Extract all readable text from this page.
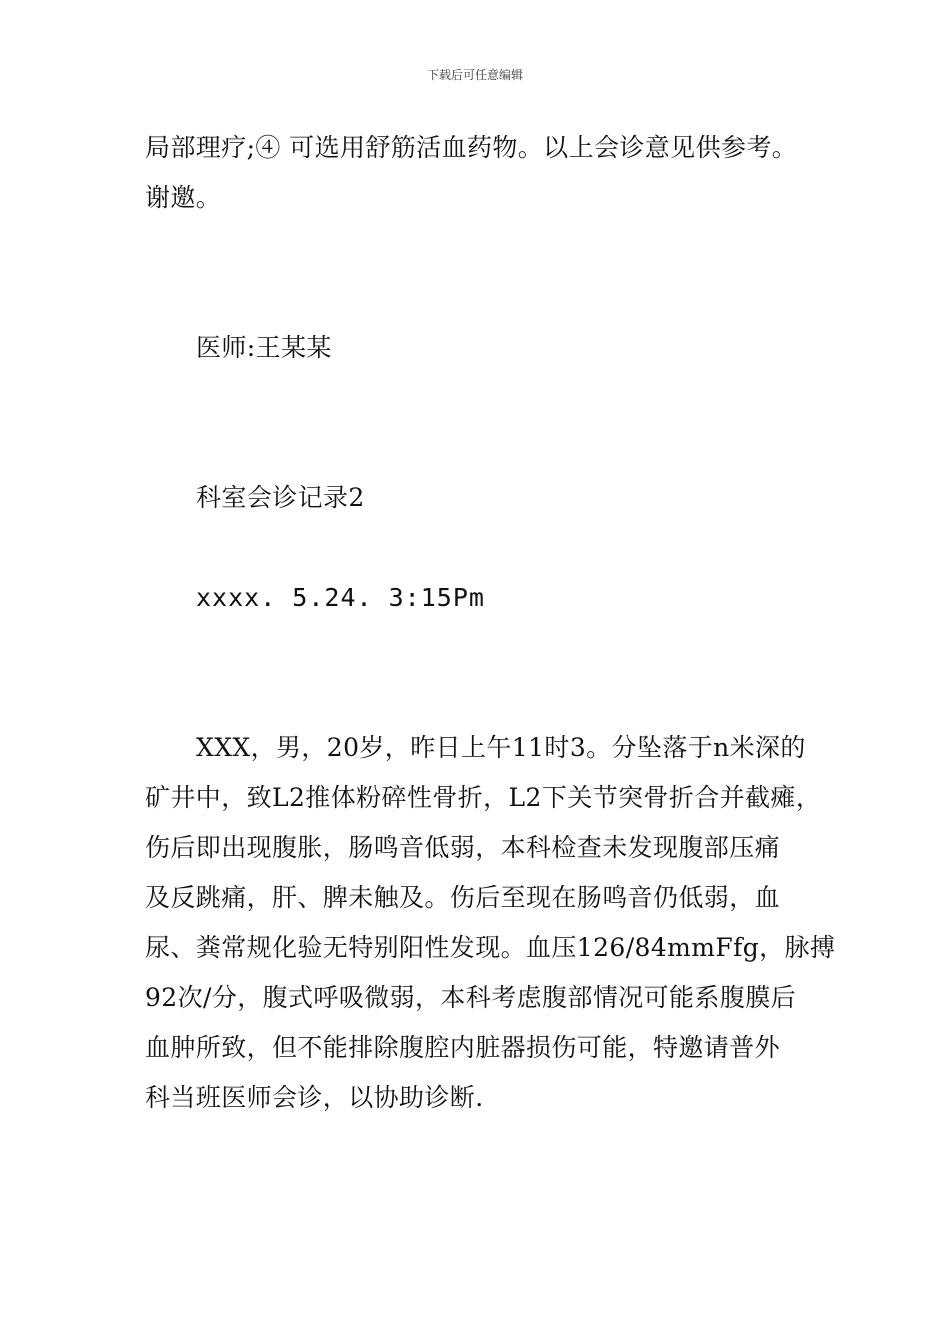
下载后可任意编辑
局部理疗;④ 可选用舒筋活血药物。以上会诊意见供参考。
谢邀。
医师:王某某
科室会诊记录2
xxxx. 5.24. 3:15Pm
XXX，男，20岁，昨日上午11时3。分坠落于n米深的
矿井中，致L2推体粉碎性骨折，L2下关节突骨折合并截瘫，
伤后即出现腹胀，肠鸣音低弱，本科检查未发现腹部压痛
及反跳痛，肝、脾未触及。伤后至现在肠鸣音仍低弱，血
尿、粪常规化验无特别阳性发现。血压126/84mmFfg，脉搏
92次/分，腹式呼吸微弱，本科考虑腹部情况可能系腹膜后
血肿所致，但不能排除腹腔内脏器损伤可能，特邀请普外
科当班医师会诊，以协助诊断.
